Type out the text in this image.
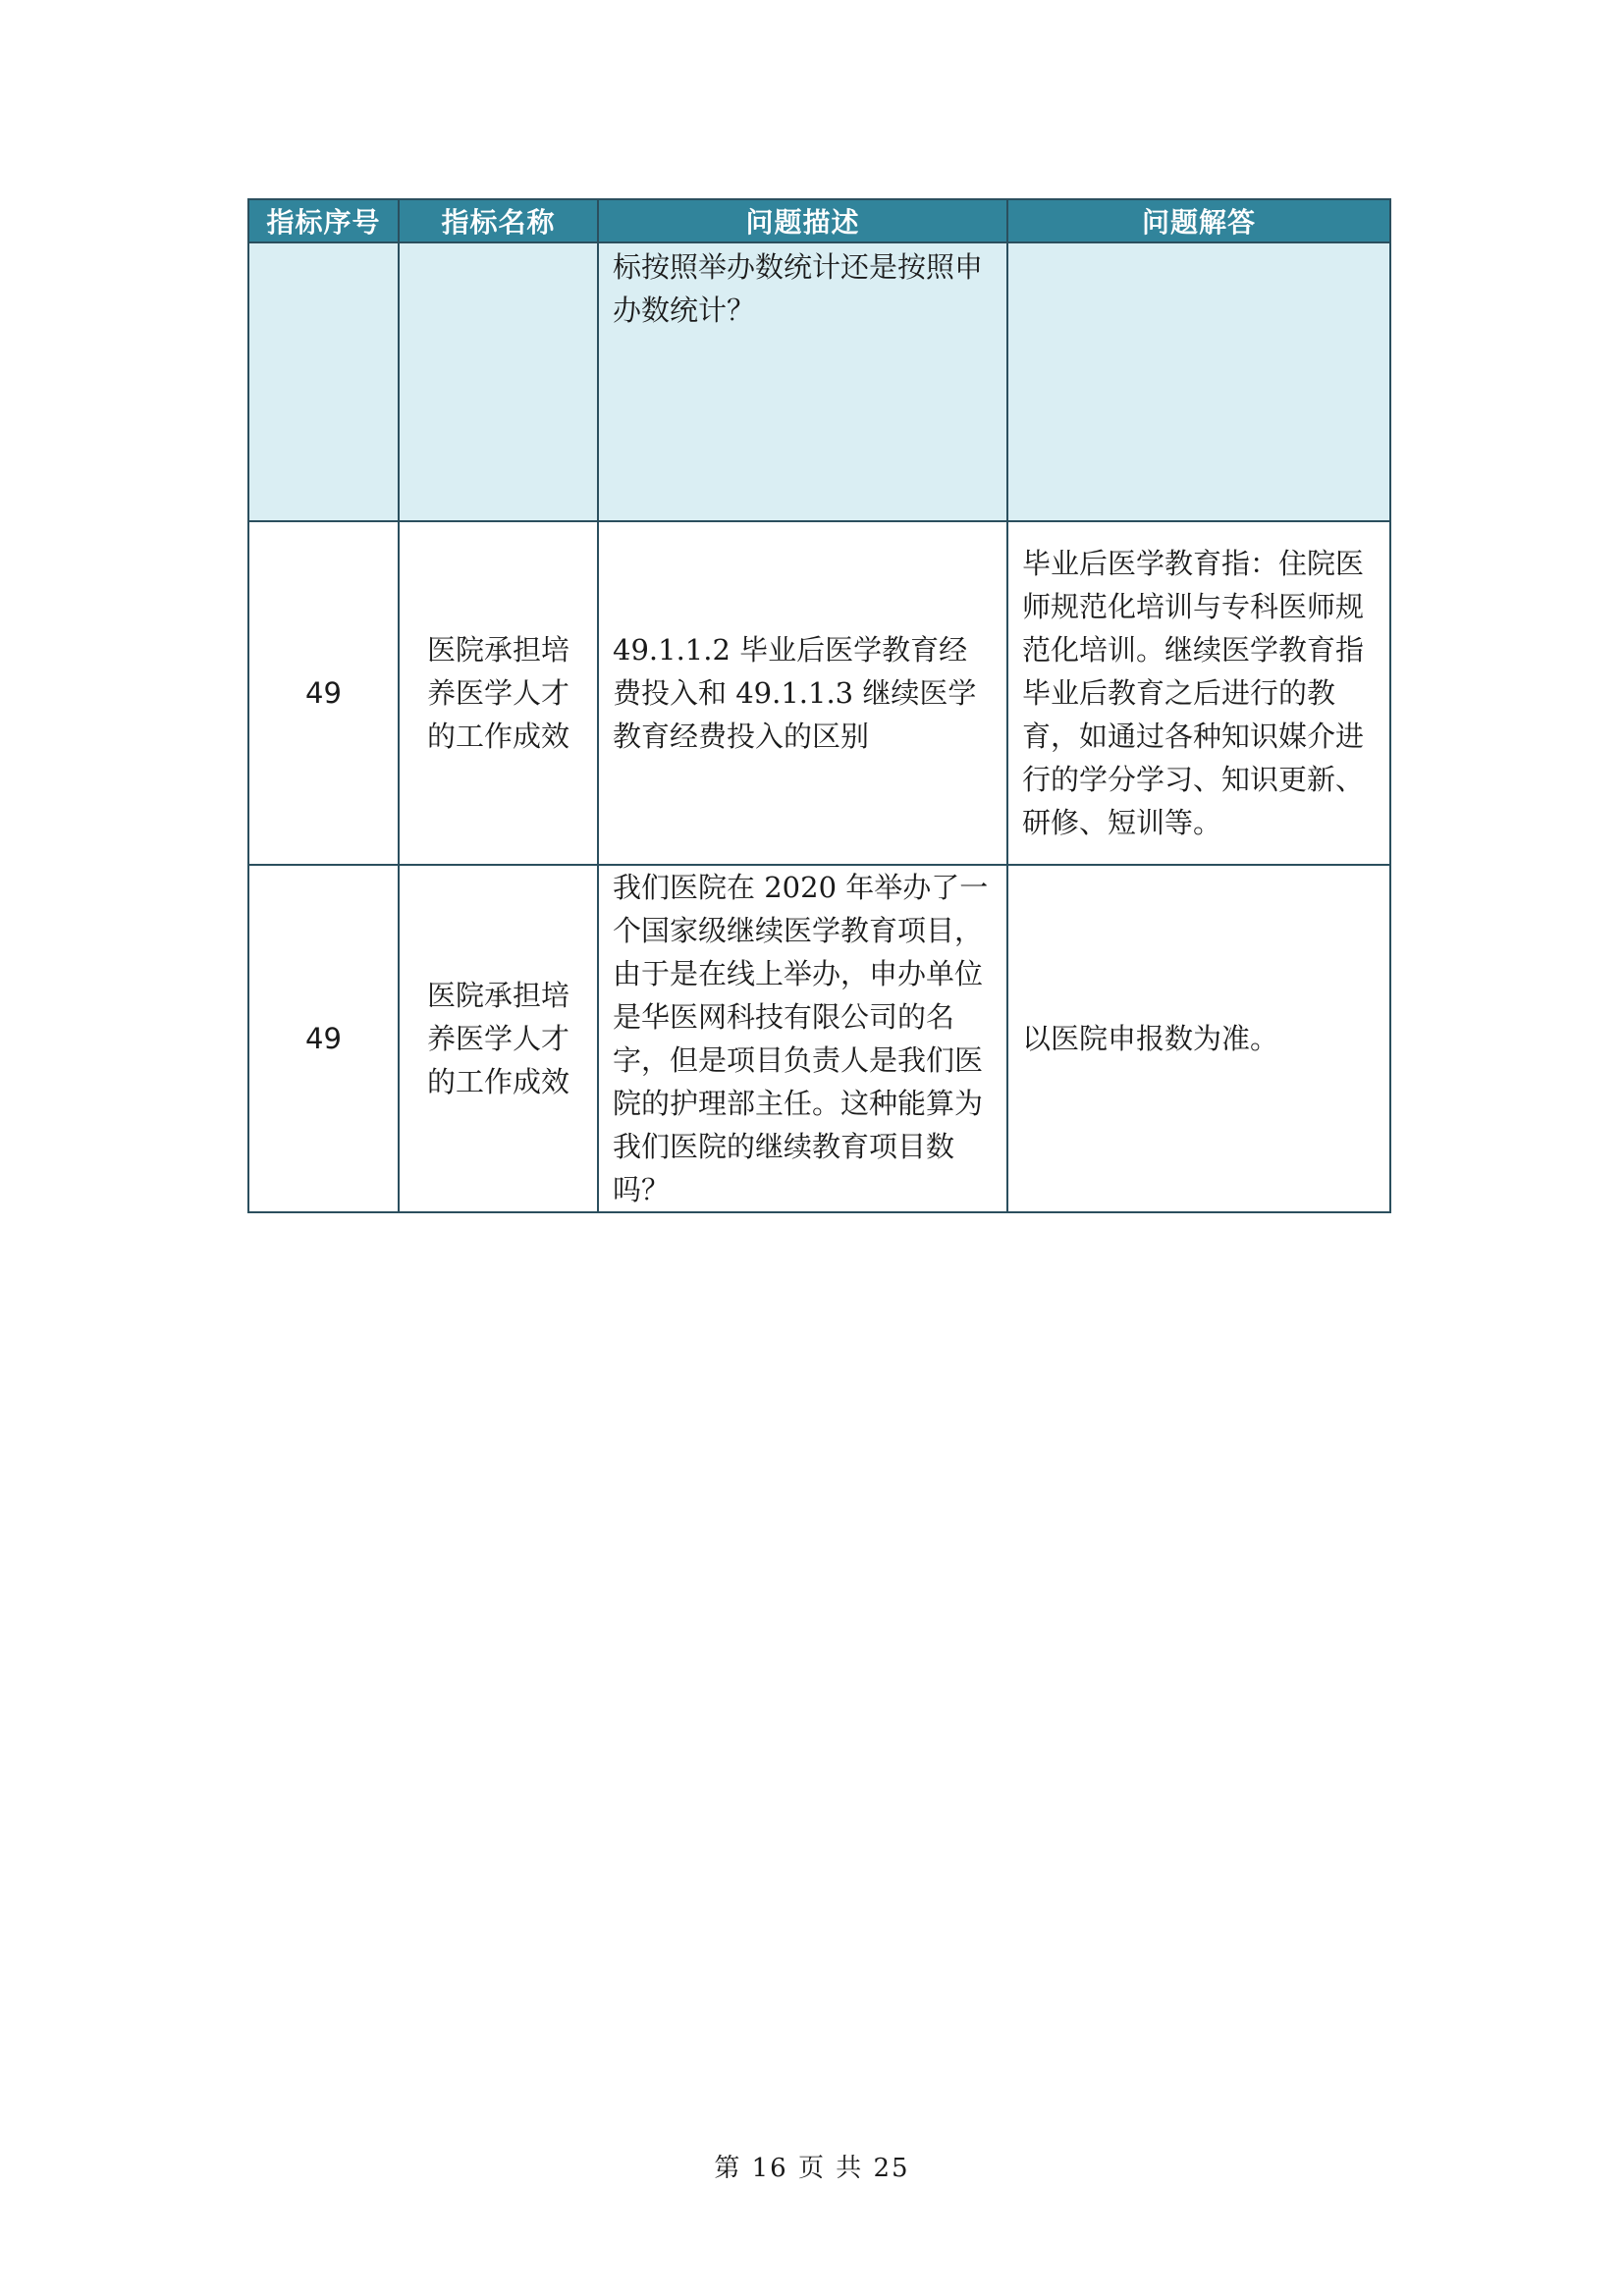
指标序号	指标名称	问题描述	问题解答
		标按照举办数统计还是按照申办数统计？	
49	医院承担培养医学人才的工作成效	49.1.1.2 毕业后医学教育经费投入和 49.1.1.3 继续医学教育经费投入的区别	毕业后医学教育指：住院医师规范化培训与专科医师规范化培训。继续医学教育指毕业后教育之后进行的教育，如通过各种知识媒介进行的学分学习、知识更新、研修、短训等。
49	医院承担培养医学人才的工作成效	我们医院在 2020 年举办了一个国家级继续医学教育项目，由于是在线上举办，申办单位是华医网科技有限公司的名字，但是项目负责人是我们医院的护理部主任。这种能算为我们医院的继续教育项目数吗？	以医院申报数为准。
第 16 页 共 25
